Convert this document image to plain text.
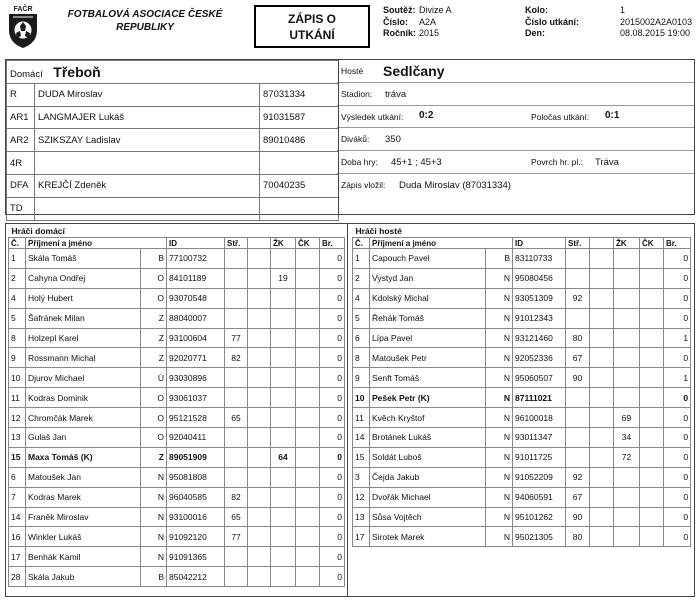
FAČR	FOTBALOVÁ ASOCIACE ČESKÉ REPUBLIKY
ZÁPIS O
UTKÁNÍ
Soutěž: Divize A
Číslo: A2A
Ročník: 2015
Kolo:	1
Číslo utkání:	2015002A2A0103
Den:	08.08.2015 19:00
Domácí Třeboň		
R	DUDA Miroslav	87031334
AR1	LANGMAJER Lukáš	91031587
AR2	SZIKSZAY Ladislav	89010486
4R		
DFA	KREJČÍ Zdeněk	70040235
TD		
Hosté Sedlčany
Stadion: tráva
Výsledek utkání: 0:2	Poločas utkání: 0:1
Diváků: 350
Doba hry: 45+1 ; 45+3	Povrch hr. pl.: Tráva
Zápis vložil: Duda Miroslav (87031334)
Hráči domácí								
Č.	Příjmení a jméno		ID	Stř.		ŽK	ČK	Br.
1	Skála Tomáš	B	77100732					0
2	Cahyna Ondřej	O	84101189			19		0
4	Holý Hubert	O	93070548					0
5	Šafránek Milan	Z	88040007					0
8	Holzepl Karel	Z	93100604	77				0
9	Rossmann Michal	Z	92020771	82				0
10	Djurov Michael	Ú	93030896					0
11	Kodras Dominik	O	93061037					0
12	Chromčák Marek	O	95121528	65				0
13	Gulaš Jan	O	92040411					0
15	Maxa Tomáš (K)	Z	89051909			64		0
6	Matoušek Jan	N	95081808					0
7	Kodras Marek	N	96040585	82				0
14	Franěk Miroslav	N	93100016	65				0
16	Winkler Lukáš	N	91092120	77				0
17	Benhák Kamil	N	91091365					0
28	Skála Jakub	B	85042212					0
Hráči hosté								
Č.	Příjmení a jméno		ID	Stř.		ŽK	ČK	Br.
1	Capouch Pavel	B	83110733					0
2	Vystyd Jan	N	95080456					0
4	Kdolský Michal	N	93051309	92				0
5	Řehák Tomáš	N	91012343					0
6	Lípa Pavel	N	93121460	80				1
8	Matoušek Petr	N	92052336	67				0
9	Senft Tomáš	N	95060507	90				1
10	Pešek Petr (K)	N	87111021					0
11	Kvěch Kryštof	N	96100018			69		0
14	Brotánek Lukáš	N	93011347			34		0
15	Soldát Luboš	N	91011725			72		0
3	Čejda Jakub	N	91052209	92				0
12	Dvořák Michael	N	94060591	67				0
13	Sůsa Vojtěch	N	95101262	90				0
17	Sirotek Marek	N	95021305	80				0
